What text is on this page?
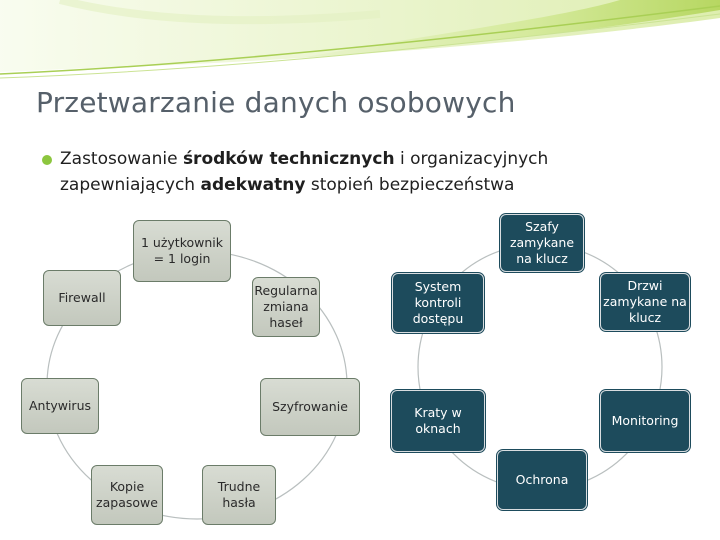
Przetwarzanie danych osobowych
Zastosowanie środków technicznych i organizacyjnych zapewniających adekwatny stopień bezpieczeństwa
1 użytkownik = 1 login
Regularna zmiana haseł
Szyfrowanie
Trudne hasła
Kopie zapasowe
Antywirus
Firewall
Szafy zamykane na klucz
Drzwi zamykane na klucz
Monitoring
Ochrona
Kraty w oknach
System kontroli dostępu
